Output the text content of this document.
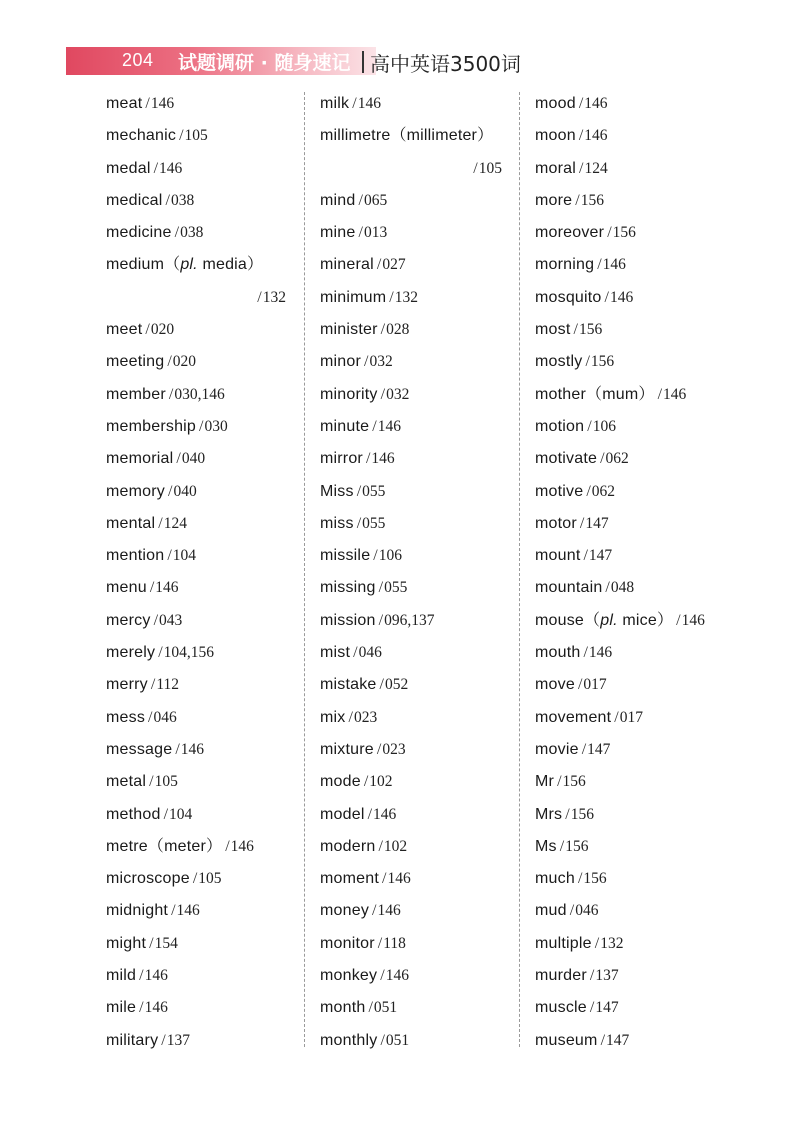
204 试题调研 · 随身速记 高中英语3500词
meat /146
mechanic /105
medal /146
medical /038
medicine /038
medium（pl. media）
/132
meet /020
meeting /020
member /030,146
membership /030
memorial /040
memory /040
mental /124
mention /104
menu /146
mercy /043
merely /104,156
merry /112
mess /046
message /146
metal /105
method /104
metre（meter） /146
microscope /105
midnight /146
might /154
mild /146
mile /146
military /137
milk /146
millimetre（millimeter）
/105
mind /065
mine /013
mineral /027
minimum /132
minister /028
minor /032
minority /032
minute /146
mirror /146
Miss /055
miss /055
missile /106
missing /055
mission /096,137
mist /046
mistake /052
mix /023
mixture /023
mode /102
model /146
modern /102
moment /146
money /146
monitor /118
monkey /146
month /051
monthly /051
mood /146
moon /146
moral /124
more /156
moreover /156
morning /146
mosquito /146
most /156
mostly /156
mother（mum） /146
motion /106
motivate /062
motive /062
motor /147
mount /147
mountain /048
mouse（pl. mice） /146
mouth /146
move /017
movement /017
movie /147
Mr /156
Mrs /156
Ms /156
much /156
mud /046
multiple /132
murder /137
muscle /147
museum /147
